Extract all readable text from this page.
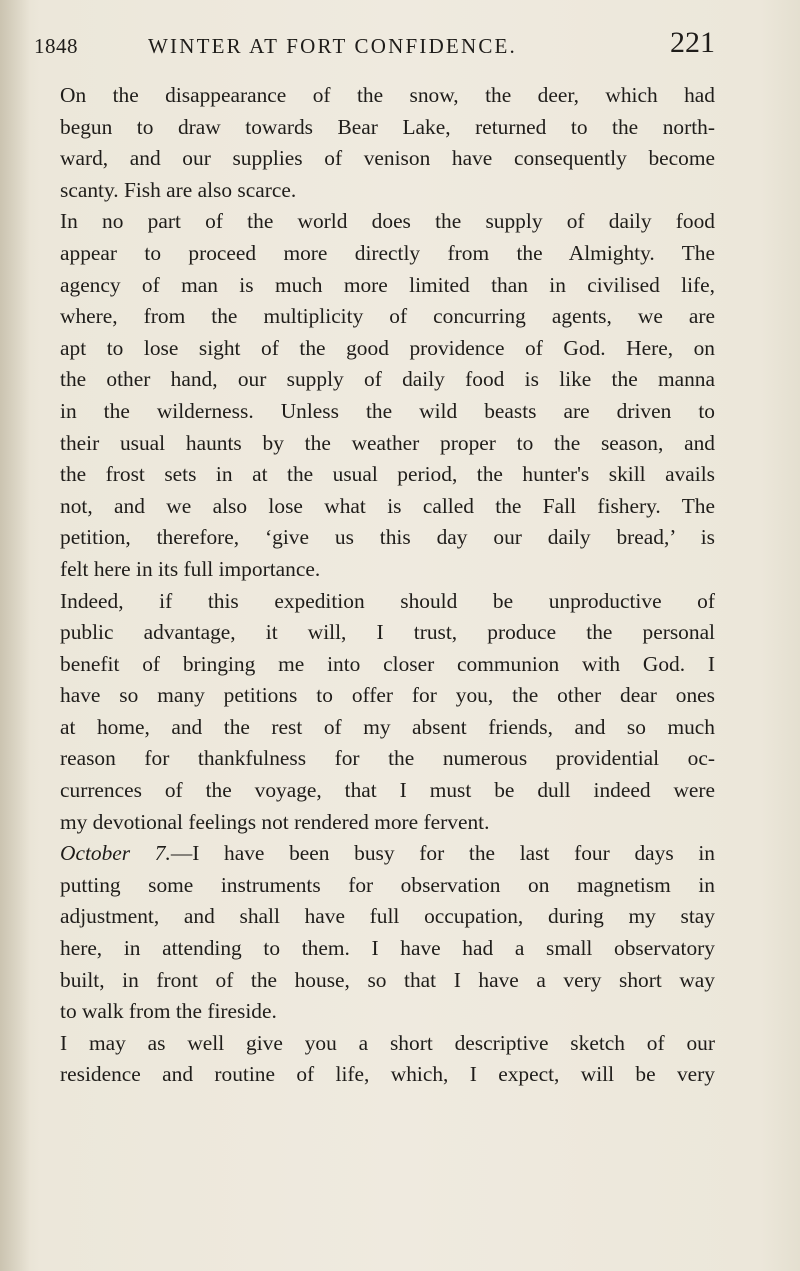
1848	WINTER AT FORT CONFIDENCE.	221
On the disappearance of the snow, the deer, which had
begun to draw towards Bear Lake, returned to the north-
ward, and our supplies of venison have consequently become
scanty. Fish are also scarce.
In no part of the world does the supply of daily food
appear to proceed more directly from the Almighty. The
agency of man is much more limited than in civilised life,
where, from the multiplicity of concurring agents, we are
apt to lose sight of the good providence of God. Here, on
the other hand, our supply of daily food is like the manna
in the wilderness. Unless the wild beasts are driven to
their usual haunts by the weather proper to the season, and
the frost sets in at the usual period, the hunter's skill avails
not, and we also lose what is called the Fall fishery. The
petition, therefore, ‘give us this day our daily bread,’ is
felt here in its full importance.
Indeed, if this expedition should be unproductive of
public advantage, it will, I trust, produce the personal
benefit of bringing me into closer communion with God. I
have so many petitions to offer for you, the other dear ones
at home, and the rest of my absent friends, and so much
reason for thankfulness for the numerous providential oc-
currences of the voyage, that I must be dull indeed were
my devotional feelings not rendered more fervent.
October 7.—I have been busy for the last four days in
putting some instruments for observation on magnetism in
adjustment, and shall have full occupation, during my stay
here, in attending to them. I have had a small observatory
built, in front of the house, so that I have a very short way
to walk from the fireside.
I may as well give you a short descriptive sketch of our
residence and routine of life, which, I expect, will be very
